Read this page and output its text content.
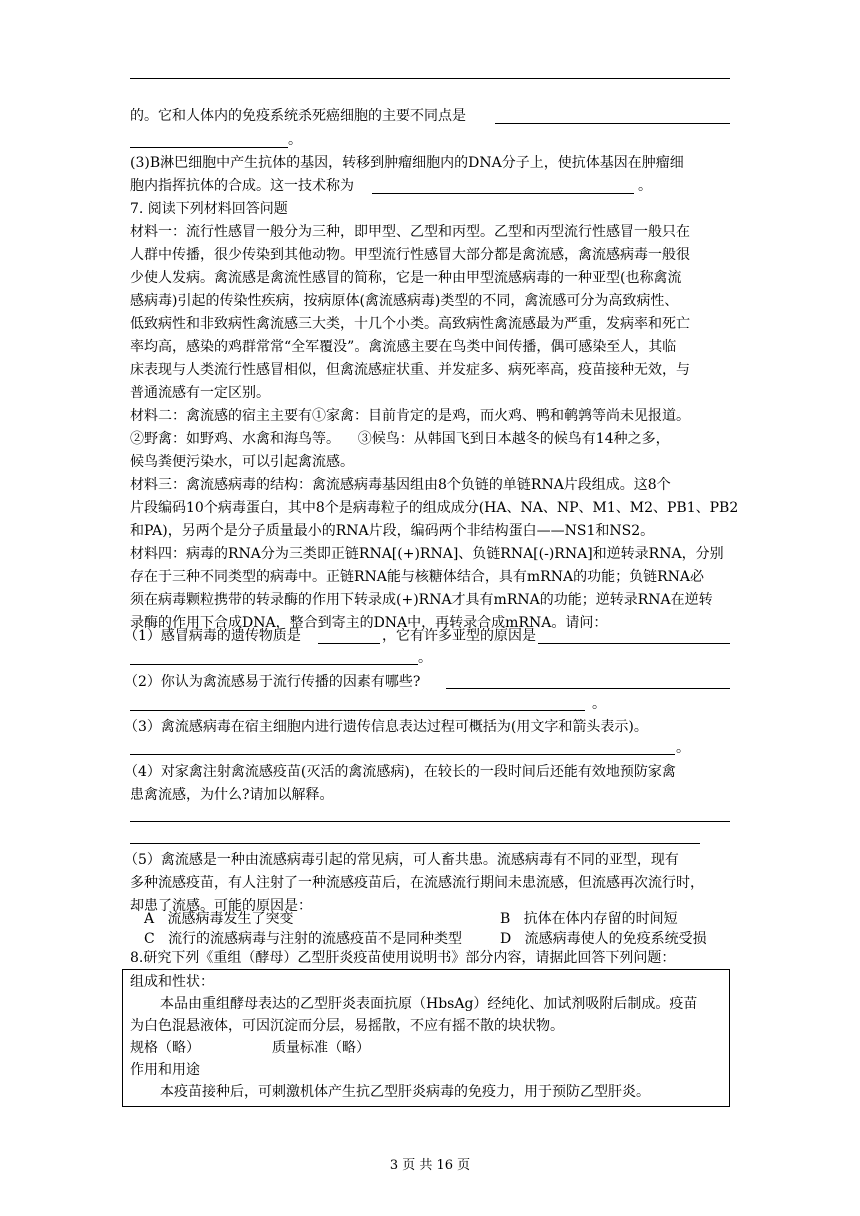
的。它和人体内的免疫系统杀死癌细胞的主要不同点是
。
(3)B淋巴细胞中产生抗体的基因，转移到肿瘤细胞内的DNA分子上，使抗体基因在肿瘤细
胞内指挥抗体的合成。这一技术称为	。
7. 阅读下列材料回答问题
材料一：流行性感冒一般分为三种，即甲型、乙型和丙型。乙型和丙型流行性感冒一般只在
人群中传播，很少传染到其他动物。甲型流行性感冒大部分都是禽流感，禽流感病毒一般很
少使人发病。禽流感是禽流性感冒的简称，它是一种由甲型流感病毒的一种亚型(也称禽流
感病毒)引起的传染性疾病，按病原体(禽流感病毒)类型的不同，禽流感可分为高致病性、
低致病性和非致病性禽流感三大类，十几个小类。高致病性禽流感最为严重，发病率和死亡
率均高，感染的鸡群常常“全军覆没”。禽流感主要在鸟类中间传播，偶可感染至人，其临
床表现与人类流行性感冒相似，但禽流感症状重、并发症多、病死率高，疫苗接种无效，与
普通流感有一定区别。
材料二：禽流感的宿主主要有①家禽：目前肯定的是鸡，而火鸡、鸭和鹌鹑等尚未见报道。
②野禽：如野鸡、水禽和海鸟等。    ③候鸟：从韩国飞到日本越冬的候鸟有14种之多，
候鸟粪便污染水，可以引起禽流感。
材料三：禽流感病毒的结构：禽流感病毒基因组由8个负链的单链RNA片段组成。这8个
片段编码10个病毒蛋白，其中8个是病毒粒子的组成成分(HA、NA、NP、M1、M2、PB1、PB2
和PA)，另两个是分子质量最小的RNA片段，编码两个非结构蛋白——NS1和NS2。
材料四：病毒的RNA分为三类即正链RNA[(+)RNA]、负链RNA[(-)RNA]和逆转录RNA，分别
存在于三种不同类型的病毒中。正链RNA能与核糖体结合，具有mRNA的功能；负链RNA必
须在病毒颗粒携带的转录酶的作用下转录成(+)RNA才具有mRNA的功能；逆转录RNA在逆转
录酶的作用下合成DNA，整合到寄主的DNA中，再转录合成mRNA。请问：
（1）感冒病毒的遗传物质是	，它有许多亚型的原因是
。
（2）你认为禽流感易于流行传播的因素有哪些?
。
（3）禽流感病毒在宿主细胞内进行遗传信息表达过程可概括为(用文字和箭头表示)。
。
（4）对家禽注射禽流感疫苗(灭活的禽流感病)，在较长的一段时间后还能有效地预防家禽
患禽流感，为什么?请加以解释。
（5）禽流感是一种由流感病毒引起的常见病，可人畜共患。流感病毒有不同的亚型，现有
多种流感疫苗，有人注射了一种流感疫苗后，在流感流行期间未患流感，但流感再次流行时，
却患了流感。可能的原因是：
A   流感病毒发生了突变	B   抗体在体内存留的时间短
C   流行的流感病毒与注射的流感疫苗不是同种类型	D   流感病毒使人的免疫系统受损
8.研究下列《重组（酵母）乙型肝炎疫苗使用说明书》部分内容，请据此回答下列问题：
组成和性状：
本品由重组酵母表达的乙型肝炎表面抗原（HbsAg）经纯化、加试剂吸附后制成。疫苗
为白色混悬液体，可因沉淀而分层，易摇散，不应有摇不散的块状物。
规格（略）	质量标准（略）
作用和用途
本疫苗接种后，可刺激机体产生抗乙型肝炎病毒的免疫力，用于预防乙型肝炎。
3 页 共 16 页
